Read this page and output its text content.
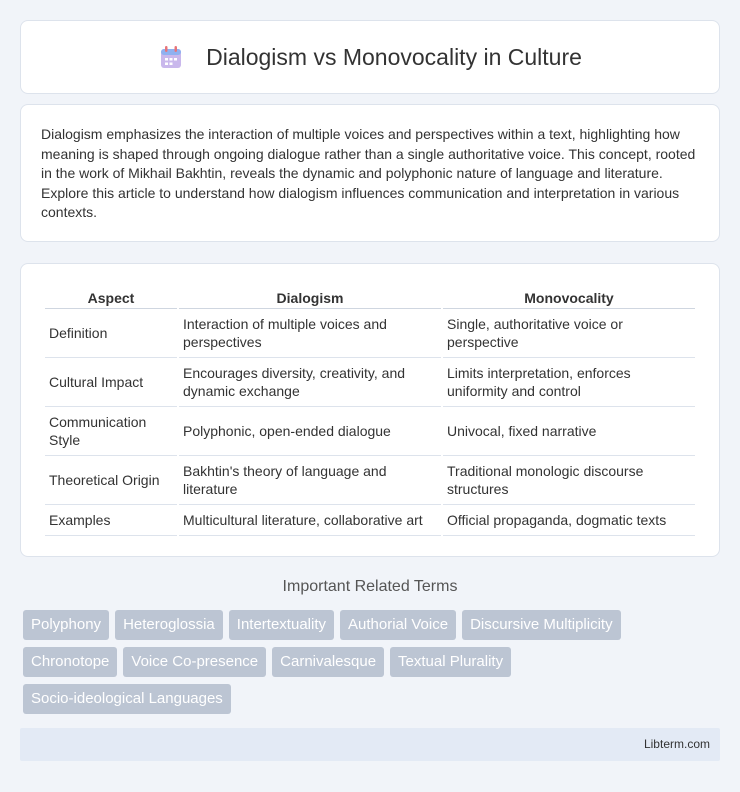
Dialogism vs Monovocality in Culture

Dialogism emphasizes the interaction of multiple voices and perspectives within a text, highlighting how meaning is shaped through ongoing dialogue rather than a single authoritative voice. This concept, rooted in the work of Mikhail Bakhtin, reveals the dynamic and polyphonic nature of language and literature. Explore this article to understand how dialogism influences communication and interpretation in various contexts.

Aspect	Dialogism	Monovocality
Definition	Interaction of multiple voices and perspectives	Single, authoritative voice or perspective
Cultural Impact	Encourages diversity, creativity, and dynamic exchange	Limits interpretation, enforces uniformity and control
Communication Style	Polyphonic, open-ended dialogue	Univocal, fixed narrative
Theoretical Origin	Bakhtin's theory of language and literature	Traditional monologic discourse structures
Examples	Multicultural literature, collaborative art	Official propaganda, dogmatic texts
Important Related Terms
Polyphony	Heteroglossia	Intertextuality	Authorial Voice	Discursive Multiplicity
Chronotope	Voice Co-presence	Carnivalesque	Textual Plurality
Socio-ideological Languages
Libterm.com
